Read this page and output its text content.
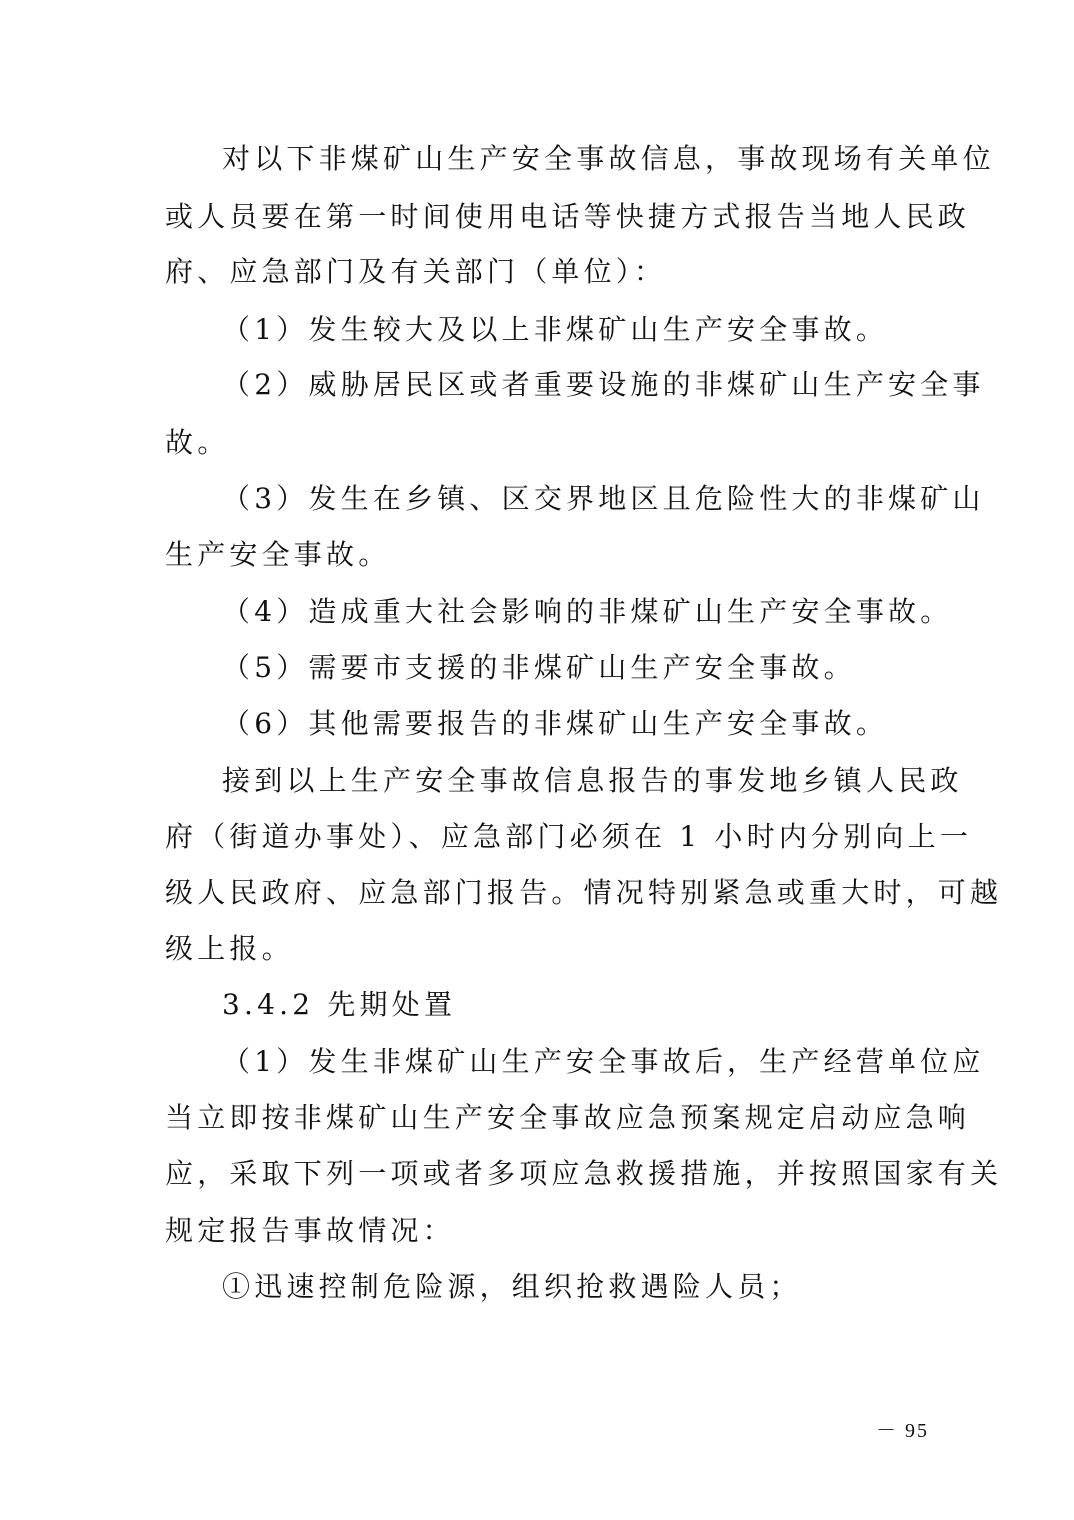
对以下非煤矿山生产安全事故信息，事故现场有关单位
或人员要在第一时间使用电话等快捷方式报告当地人民政
府、应急部门及有关部门（单位）：
（1）发生较大及以上非煤矿山生产安全事故。
（2）威胁居民区或者重要设施的非煤矿山生产安全事
故。
（3）发生在乡镇、区交界地区且危险性大的非煤矿山
生产安全事故。
（4）造成重大社会影响的非煤矿山生产安全事故。
（5）需要市支援的非煤矿山生产安全事故。
（6）其他需要报告的非煤矿山生产安全事故。
接到以上生产安全事故信息报告的事发地乡镇人民政
府（街道办事处）、应急部门必须在 1 小时内分别向上一
级人民政府、应急部门报告。情况特别紧急或重大时，可越
级上报。
3.4.2 先期处置
（1）发生非煤矿山生产安全事故后，生产经营单位应
当立即按非煤矿山生产安全事故应急预案规定启动应急响
应，采取下列一项或者多项应急救援措施，并按照国家有关
规定报告事故情况：
①迅速控制危险源，组织抢救遇险人员；
－ 95
